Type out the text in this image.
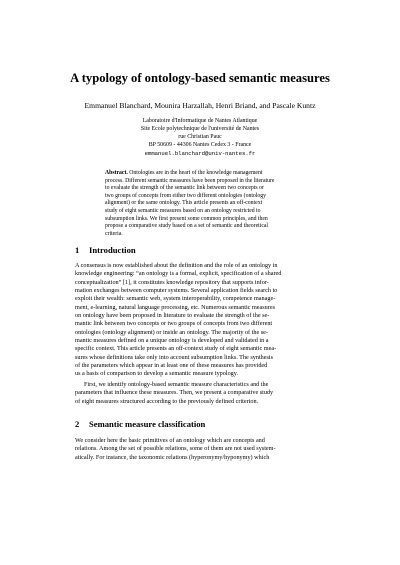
A typology of ontology-based semantic measures
Emmanuel Blanchard, Mounira Harzallah, Henri Briand, and Pascale Kuntz
Laboratoire d'Informatique de Nantes Atlantique
Site Ecole polytechnique de l'université de Nantes
rue Christian Pauc
BP 50609 - 44306 Nantes Cedex 3 - France
emmanuel.blanchard@univ-nantes.fr
Abstract. Ontologies are in the heart of the knowledge management
process. Different semantic measures have been proposed in the literature
to evaluate the strength of the semantic link between two concepts or
two groups of concepts from either two different ontologies (ontology
alignment) or the same ontology. This article presents an off-context
study of eight semantic measures based on an ontology restricted to
subsumption links. We first present some common principles, and then
propose a comparative study based on a set of semantic and theoretical
criteria.
1 Introduction
A consensus is now established about the definition and the role of an ontology in
knowledge engineering: “an ontology is a formal, explicit, specification of a shared
conceptualization” [1], it constitutes knowledge repository that supports infor-
mation exchanges between computer systems. Several application fields search to
exploit their wealth: semantic web, system interoperability, competence manage-
ment, e-learning, natural language processing, etc. Numerous semantic measures
on ontology have been proposed in literature to evaluate the strength of the se-
mantic link between two concepts or two groups of concepts from two different
ontologies (ontology alignment) or inside an ontology. The majority of the se-
mantic measures defined on a unique ontology is developed and validated in a
specific context. This article presents an off-context study of eight semantic mea-
sures whose definitions take only into account subsumption links. The synthesis
of the parameters which appear in at least one of these measures has provided
us a basis of comparison to develop a semantic measure typology.
First, we identify ontology-based semantic measure characteristics and the
parameters that influence these measures. Then, we present a comparative study
of eight measures structured according to the previously defined criterion.
2 Semantic measure classification
We consider here the basic primitives of an ontology which are concepts and
relations. Among the set of possible relations, some of them are not used system-
atically. For instance, the taxonomic relations (hyperonymy/hyponymy) which
